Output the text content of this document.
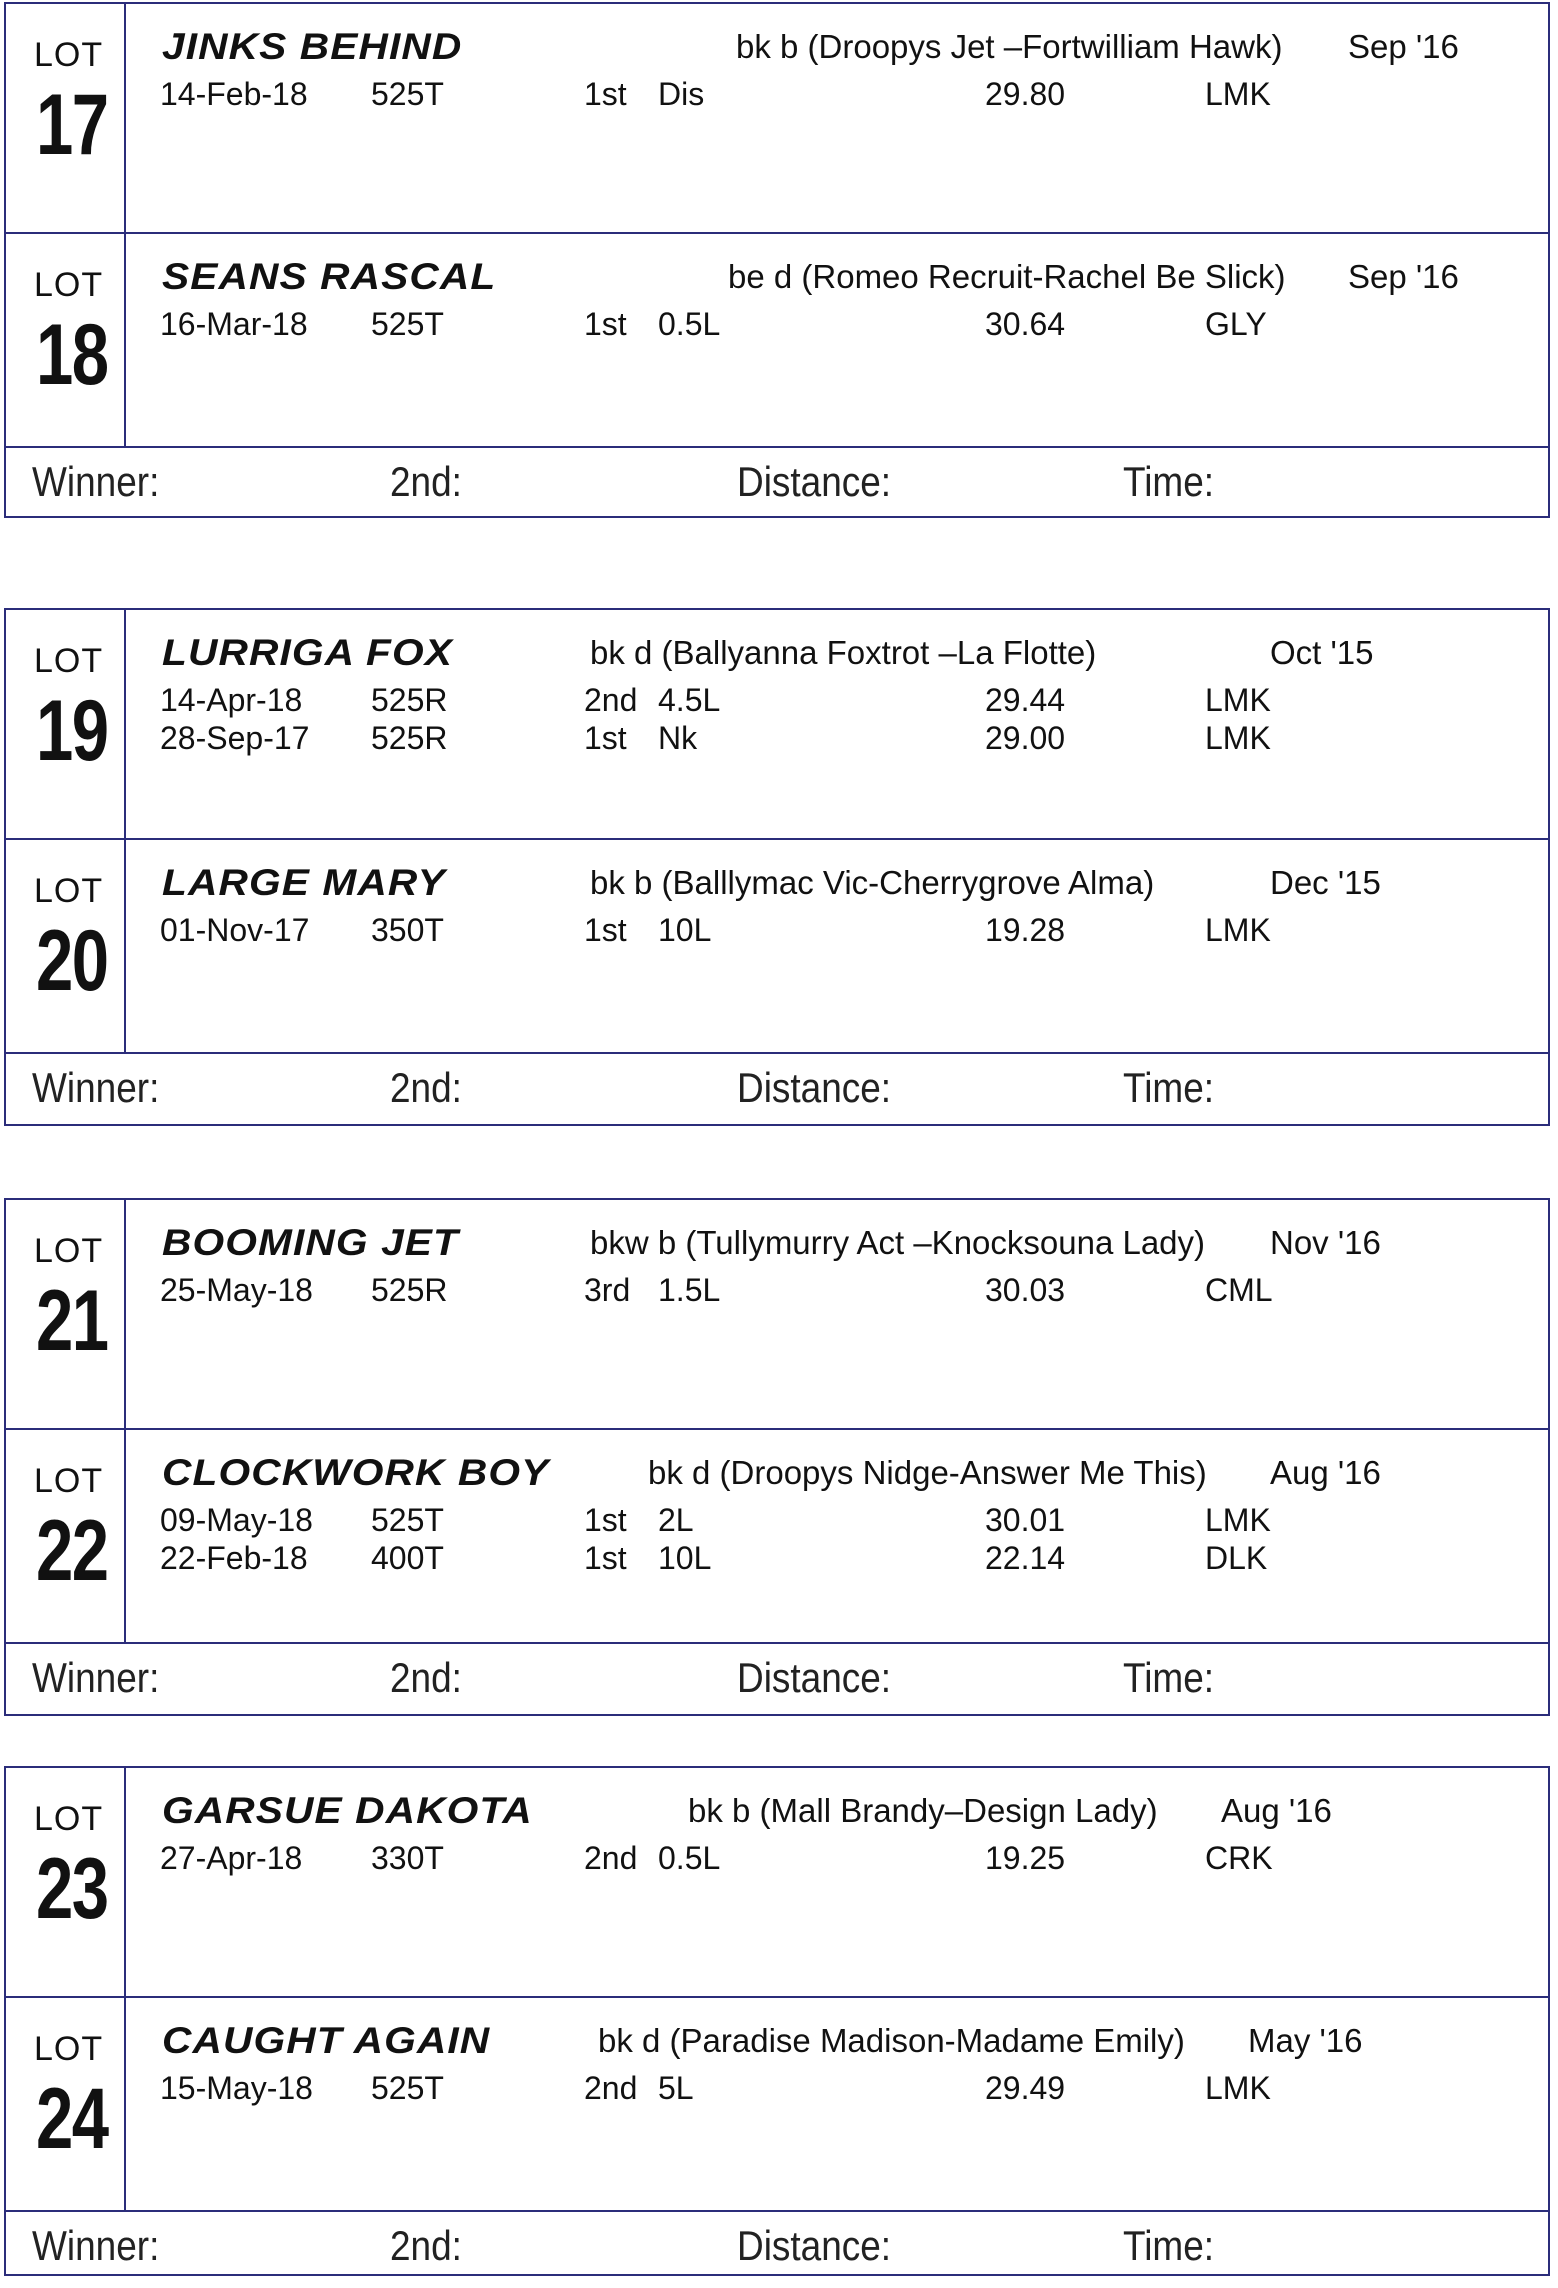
LOT
17
JINKS BEHIND	bk b (Droopys Jet –Fortwilliam Hawk) Sep '16
14-Feb-18 525T	1st Dis	29.80	LMK
LOT
18
SEANS RASCAL	be d (Romeo Recruit-Rachel Be Slick) Sep '16
16-Mar-18 525T	1st 0.5L	30.64	GLY
Winner:	2nd:	Distance:	Time:
LOT
19
LURRIGA FOX	bk d (Ballyanna Foxtrot –La Flotte)	Oct '15
14-Apr-18 525R	2nd 4.5L	29.44	LMK
28-Sep-17 525R	1st Nk	29.00	LMK
LOT
20
LARGE MARY	bk b (Balllymac Vic-Cherrygrove Alma)	Dec '15
01-Nov-17 350T	1st 10L	19.28	LMK
Winner:	2nd:	Distance:	Time:
LOT
21
BOOMING JET	bkw b (Tullymurry Act –Knocksouna Lady) Nov '16
25-May-18 525R	3rd 1.5L	30.03	CML
LOT
22
CLOCKWORK BOY	bk d (Droopys Nidge-Answer Me This) Aug '16
09-May-18 525T	1st 2L	30.01	LMK
22-Feb-18 400T	1st 10L	22.14	DLK
Winner:	2nd:	Distance:	Time:
LOT
23
GARSUE DAKOTA	bk b (Mall Brandy–Design Lady) Aug '16
27-Apr-18 330T	2nd 0.5L	19.25	CRK
LOT
24
CAUGHT AGAIN	bk d (Paradise Madison-Madame Emily) May '16
15-May-18 525T	2nd 5L	29.49	LMK
Winner:	2nd:	Distance:	Time:
